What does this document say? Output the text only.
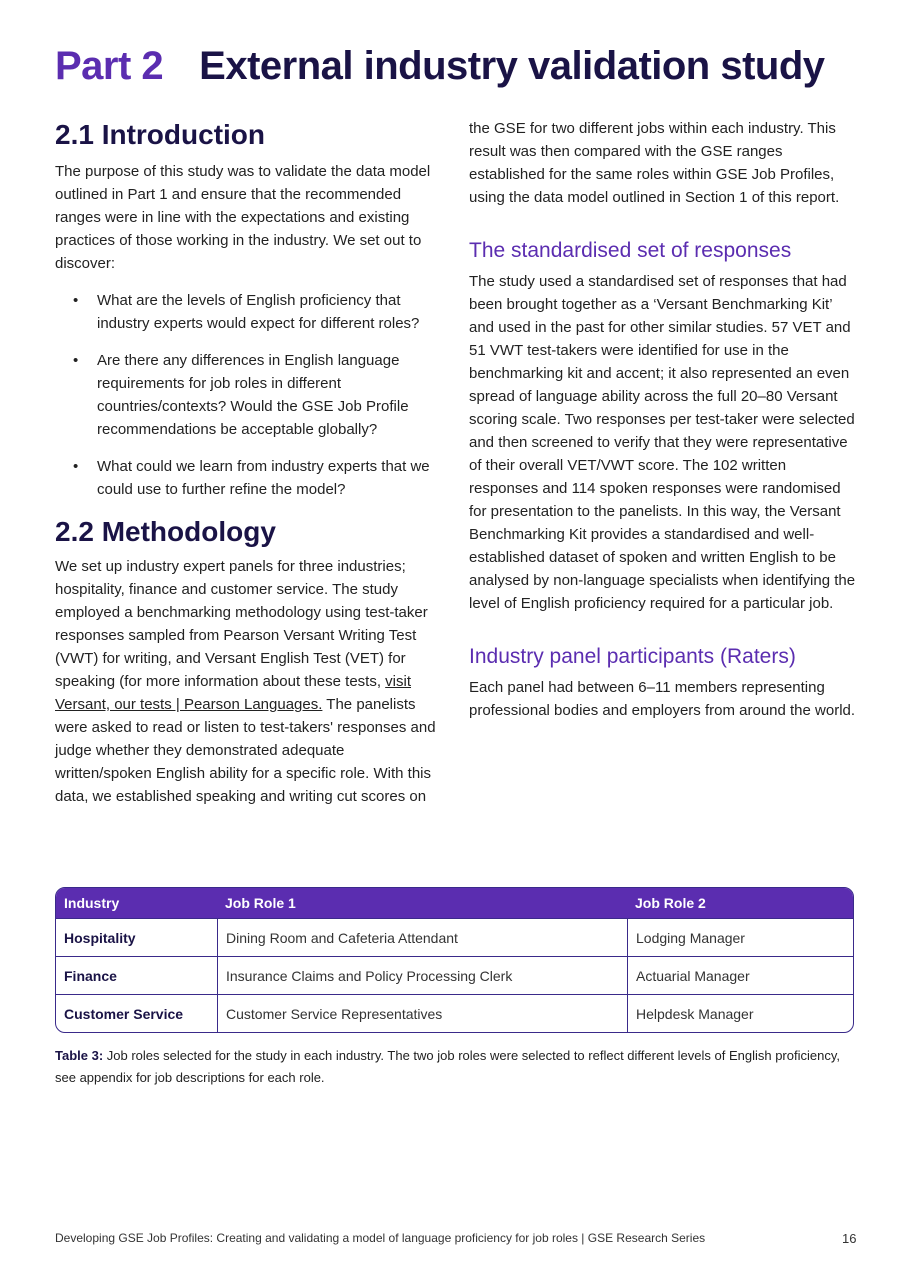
Part 2 External industry validation study
2.1 Introduction

The purpose of this study was to validate the data model outlined in Part 1 and ensure that the recommended ranges were in line with the expectations and existing practices of those working in the industry. We set out to discover:

• What are the levels of English proficiency that industry experts would expect for different roles?
• Are there any differences in English language requirements for job roles in different countries/contexts? Would the GSE Job Profile recommendations be acceptable globally?
• What could we learn from industry experts that we could use to further refine the model?
2.2 Methodology

We set up industry expert panels for three industries; hospitality, finance and customer service. The study employed a benchmarking methodology using test-taker responses sampled from Pearson Versant Writing Test (VWT) for writing, and Versant English Test (VET) for speaking (for more information about these tests, visit Versant, our tests | Pearson Languages. The panelists were asked to read or listen to test-takers' responses and judge whether they demonstrated adequate written/spoken English ability for a specific role. With this data, we established speaking and writing cut scores on

the GSE for two different jobs within each industry. This result was then compared with the GSE ranges established for the same roles within GSE Job Profiles, using the data model outlined in Section 1 of this report.

The standardised set of responses

The study used a standardised set of responses that had been brought together as a ‘Versant Benchmarking Kit’ and used in the past for other similar studies. 57 VET and 51 VWT test-takers were identified for use in the benchmarking kit and accent; it also represented an even spread of language ability across the full 20–80 Versant scoring scale. Two responses per test-taker were selected and then screened to verify that they were representative of their overall VET/VWT score. The 102 written responses and 114 spoken responses were randomised for presentation to the panelists. In this way, the Versant Benchmarking Kit provides a standardised and well-established dataset of spoken and written English to be analysed by non-language specialists when identifying the level of English proficiency required for a particular job.

Industry panel participants (Raters)

Each panel had between 6–11 members representing professional bodies and employers from around the world.

Industry	Job Role 1	Job Role 2
Hospitality	Dining Room and Cafeteria Attendant	Lodging Manager
Finance	Insurance Claims and Policy Processing Clerk	Actuarial Manager
Customer Service	Customer Service Representatives	Helpdesk Manager

Table 3: Job roles selected for the study in each industry. The two job roles were selected to reflect different levels of English proficiency, see appendix for job descriptions for each role.

Developing GSE Job Profiles: Creating and validating a model of language proficiency for job roles | GSE Research Series	16
